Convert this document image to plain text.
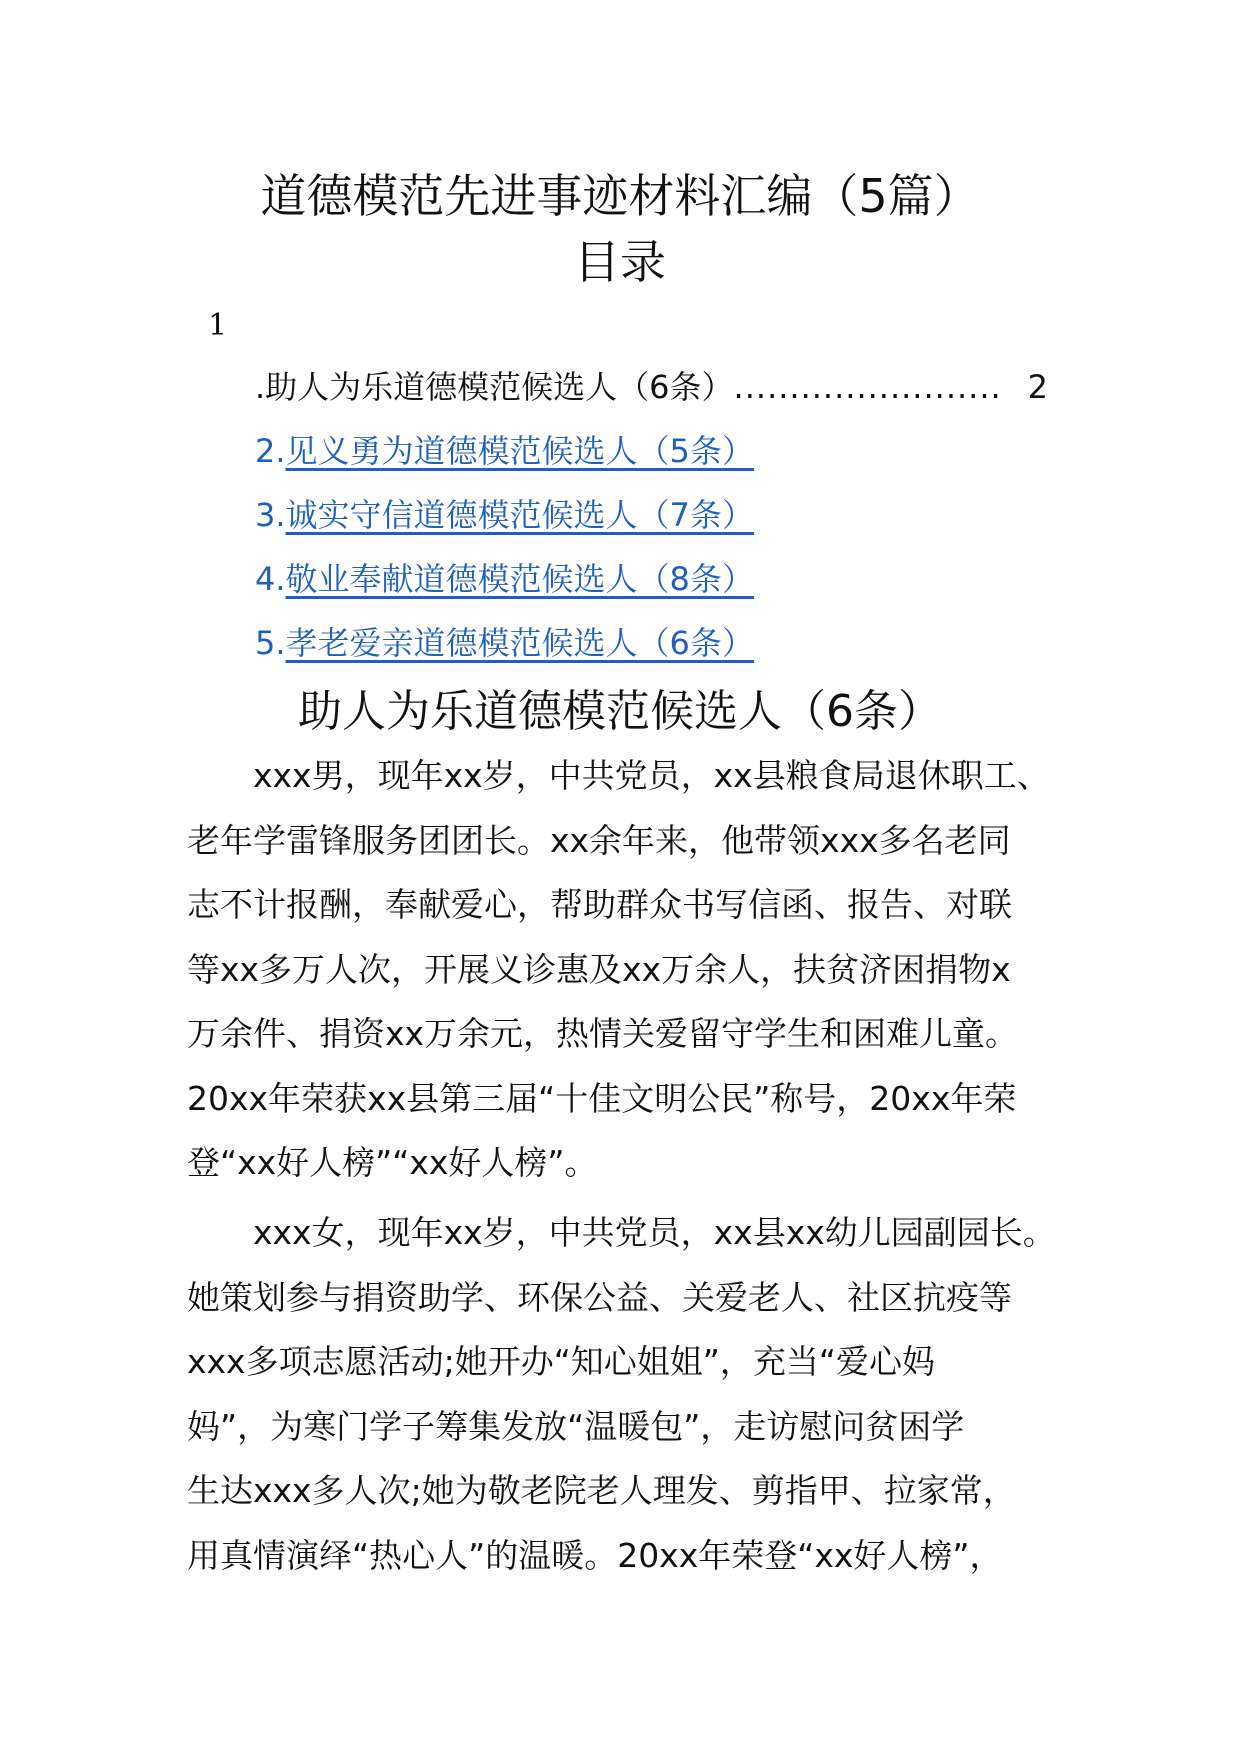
道德模范先进事迹材料汇编（5篇）
目录
1
.助人为乐道德模范候选人（6条） ........................ 2
2.见义勇为道德模范候选人（5条）
3.诚实守信道德模范候选人（7条）
4.敬业奉献道德模范候选人（8条）
5.孝老爱亲道德模范候选人（6条）
助人为乐道德模范候选人（6条）
xxx男，现年xx岁，中共党员，xx县粮食局退休职工、
老年学雷锋服务团团长。xx余年来，他带领xxx多名老同
志不计报酬，奉献爱心，帮助群众书写信函、报告、对联
等xx多万人次，开展义诊惠及xx万余人，扶贫济困捐物x
万余件、捐资xx万余元，热情关爱留守学生和困难儿童。
20xx年荣获xx县第三届“十佳文明公民”称号，20xx年荣
登“xx好人榜”“xx好人榜”。
xxx女，现年xx岁，中共党员，xx县xx幼儿园副园长。
她策划参与捐资助学、环保公益、关爱老人、社区抗疫等
xxx多项志愿活动;她开办“知心姐姐”，充当“爱心妈
妈”，为寒门学子筹集发放“温暖包”，走访慰问贫困学
生达xxx多人次;她为敬老院老人理发、剪指甲、拉家常，
用真情演绎“热心人”的温暖。20xx年荣登“xx好人榜”，
